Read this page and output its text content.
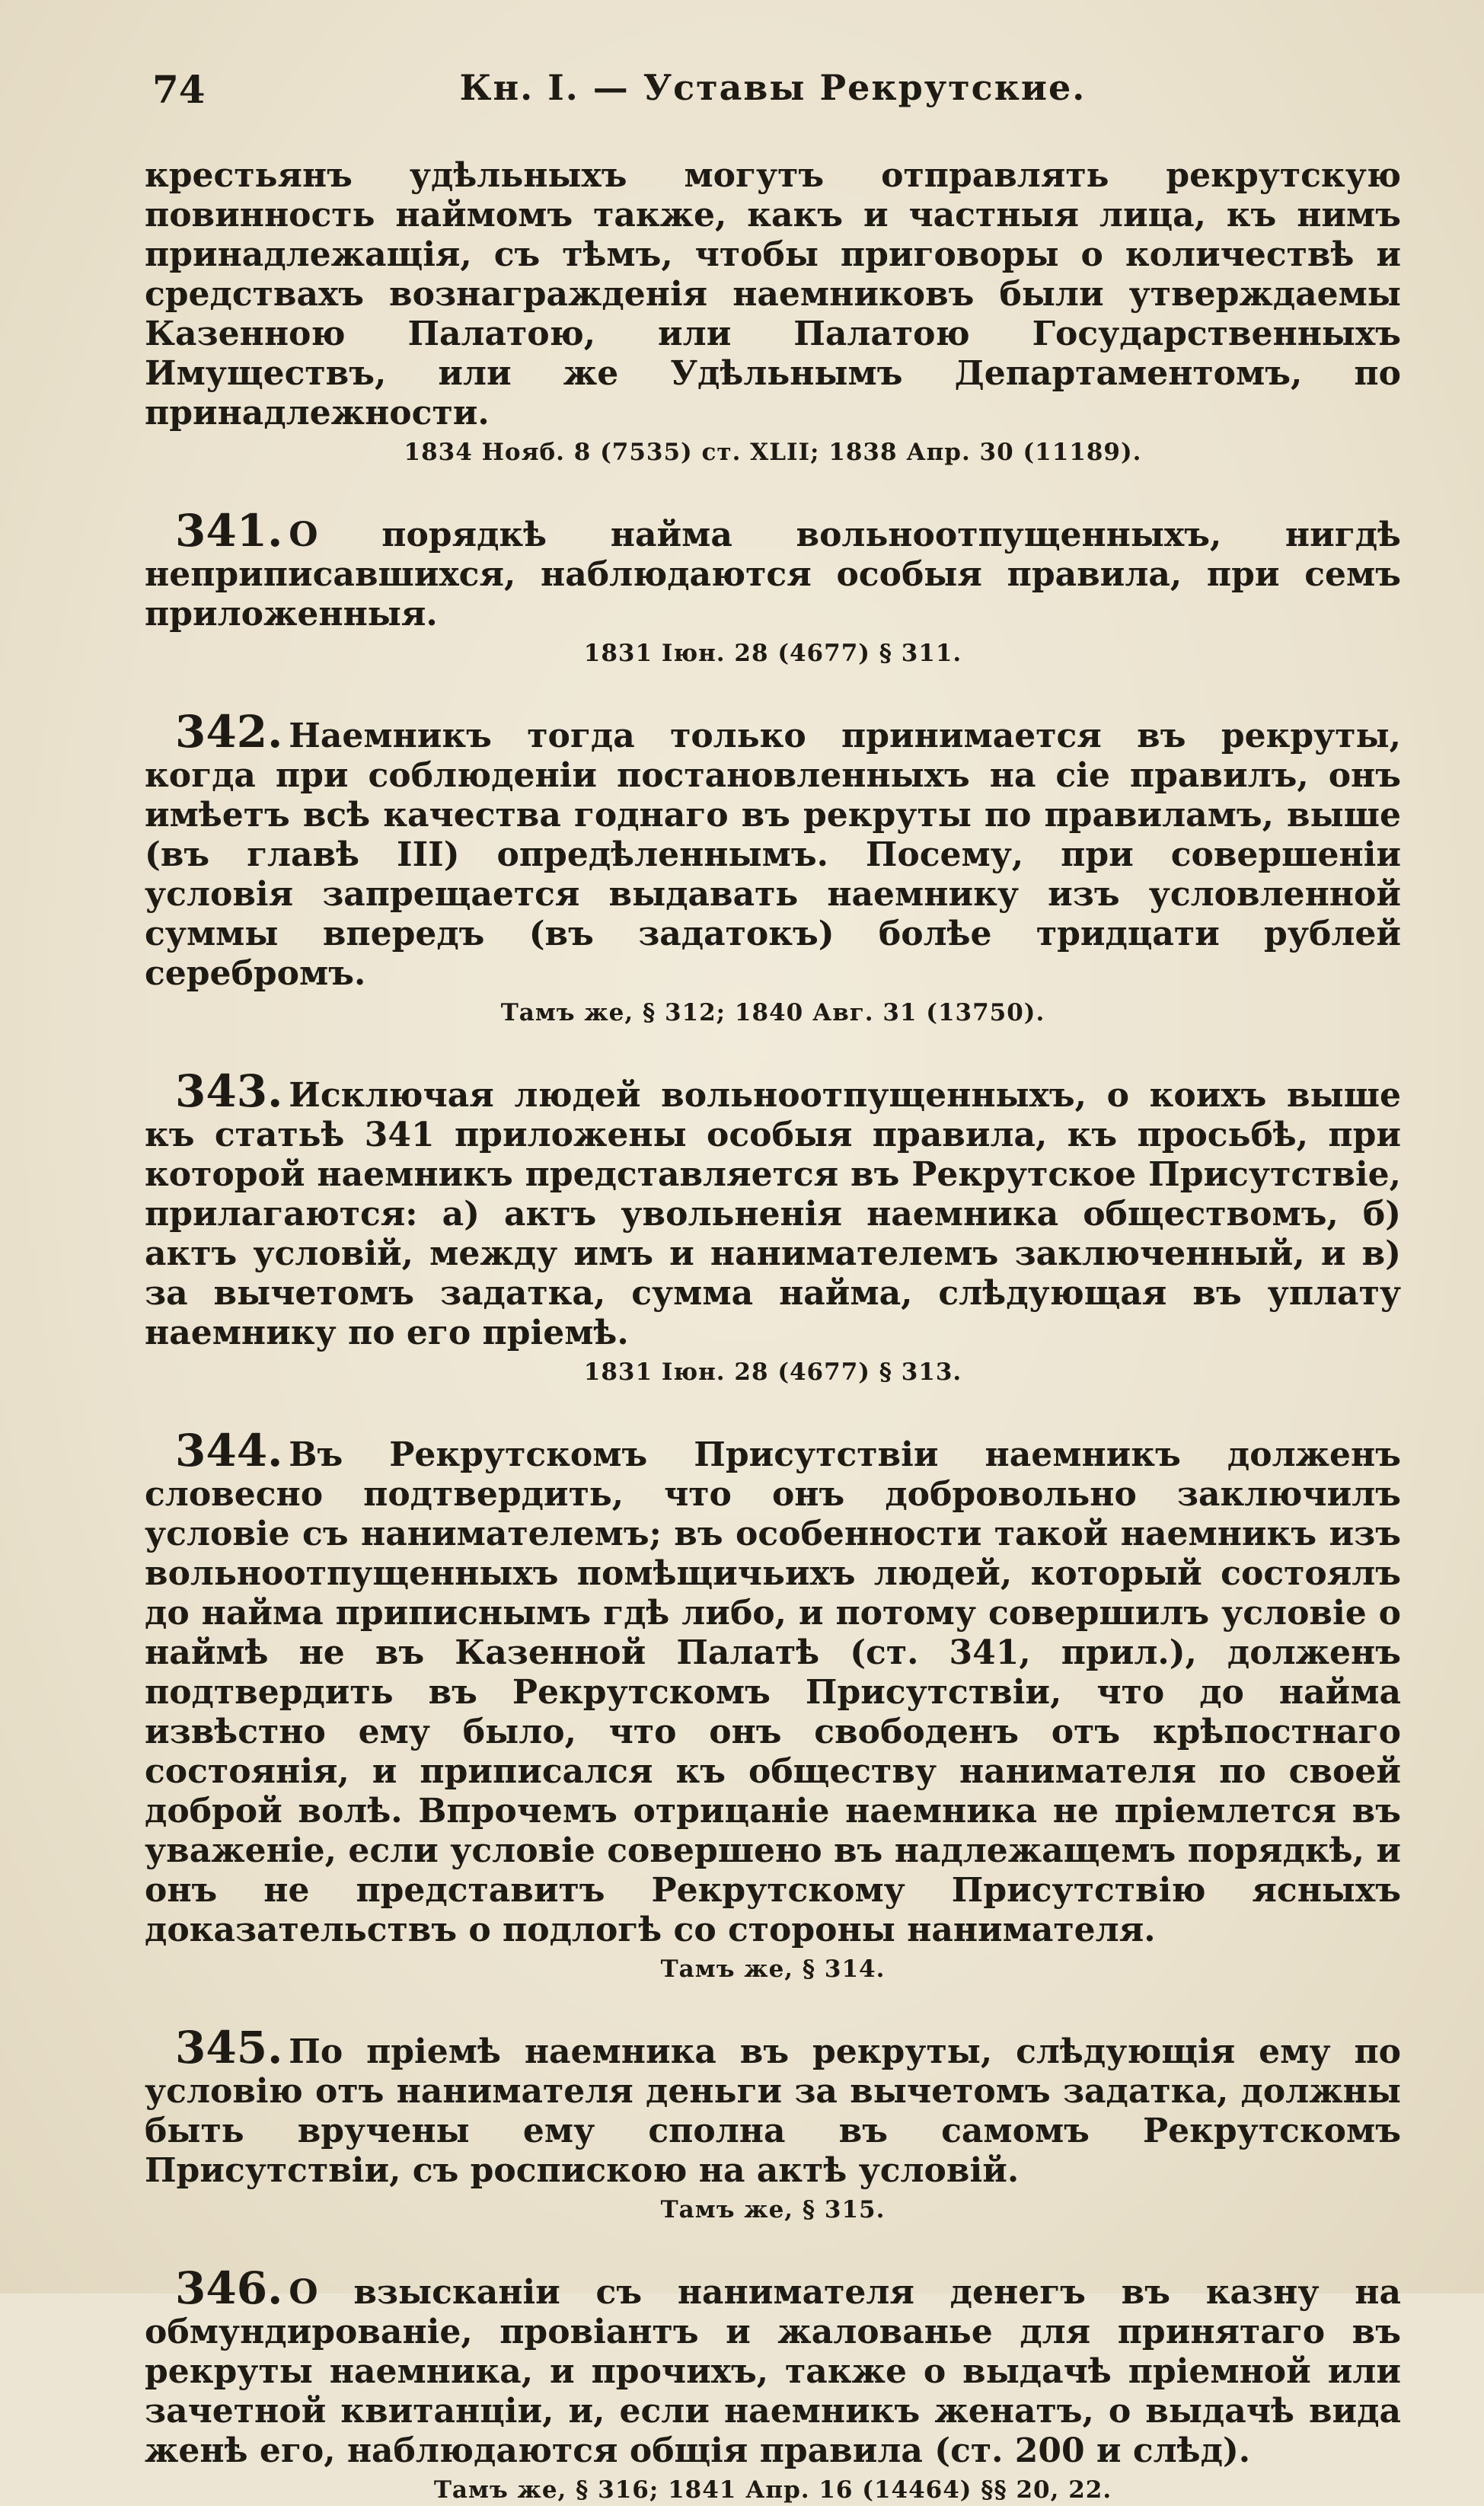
Кн. I. — Уставы Рекрутские.
74

крестьянъ удѣльныхъ могутъ отправлять рекрутскую повинность наймомъ также, какъ и частныя лица, къ нимъ принадлежащія, съ тѣмъ, чтобы приговоры о количествѣ и средствахъ вознагражденія наемниковъ были утверждаемы Казенною Палатою, или Палатою Государственныхъ Имуществъ, или же Удѣльнымъ Департаментомъ, по принадлежности.

1834 Нояб. 8 (7535) ст. XLII; 1838 Апр. 30 (11189).

341. О порядкѣ найма вольноотпущенныхъ, нигдѣ неприписавшихся, наблюдаются особыя правила, при семъ приложенныя.

1831 Іюн. 28 (4677) § 311.

342. Наемникъ тогда только принимается въ рекруты, когда при соблюденіи постановленныхъ на сіе правилъ, онъ имѣетъ всѣ качества годнаго въ рекруты по правиламъ, выше (въ главѣ III) опредѣленнымъ. Посему, при совершеніи условія запрещается выдавать наемнику изъ условленной суммы впередъ (въ задатокъ) болѣе тридцати рублей серебромъ.

Тамъ же, § 312; 1840 Авг. 31 (13750).

343. Исключая людей вольноотпущенныхъ, о коихъ выше къ статьѣ 341 приложены особыя правила, къ просьбѣ, при которой наемникъ представляется въ Рекрутское Присутствіе, прилагаются: а) актъ увольненія наемника обществомъ, б) актъ условій, между имъ и нанимателемъ заключенный, и в) за вычетомъ задатка, сумма найма, слѣдующая въ уплату наемнику по его пріемѣ.

1831 Іюн. 28 (4677) § 313.

344. Въ Рекрутскомъ Присутствіи наемникъ долженъ словесно подтвердить, что онъ добровольно заключилъ условіе съ нанимателемъ; въ особенности такой наемникъ изъ вольноотпущенныхъ помѣщичьихъ людей, который состоялъ до найма приписнымъ гдѣ либо, и потому совершилъ условіе о наймѣ не въ Казенной Палатѣ (ст. 341, прил.), долженъ подтвердить въ Рекрутскомъ Присутствіи, что до найма извѣстно ему было, что онъ свободенъ отъ крѣпостнаго состоянія, и приписался къ обществу нанимателя по своей доброй волѣ. Впрочемъ отрицаніе наемника не пріемлется въ уваженіе, если условіе совершено въ надлежащемъ порядкѣ, и онъ не представитъ Рекрутскому Присутствію ясныхъ доказательствъ о подлогѣ со стороны нанимателя.

Тамъ же, § 314.

345. По пріемѣ наемника въ рекруты, слѣдующія ему по условію отъ нанимателя деньги за вычетомъ задатка, должны быть вручены ему сполна въ самомъ Рекрутскомъ Присутствіи, съ роспискою на актѣ условій.

Тамъ же, § 315.

346. О взысканіи съ нанимателя денегъ въ казну на обмундированіе, провіантъ и жалованье для принятаго въ рекруты наемника, и прочихъ, также о выдачѣ пріемной или зачетной квитанціи, и, если наемникъ женатъ, о выдачѣ вида женѣ его, наблюдаются общія правила (ст. 200 и слѣд).

Тамъ же, § 316; 1841 Апр. 16 (14464) §§ 20, 22.
